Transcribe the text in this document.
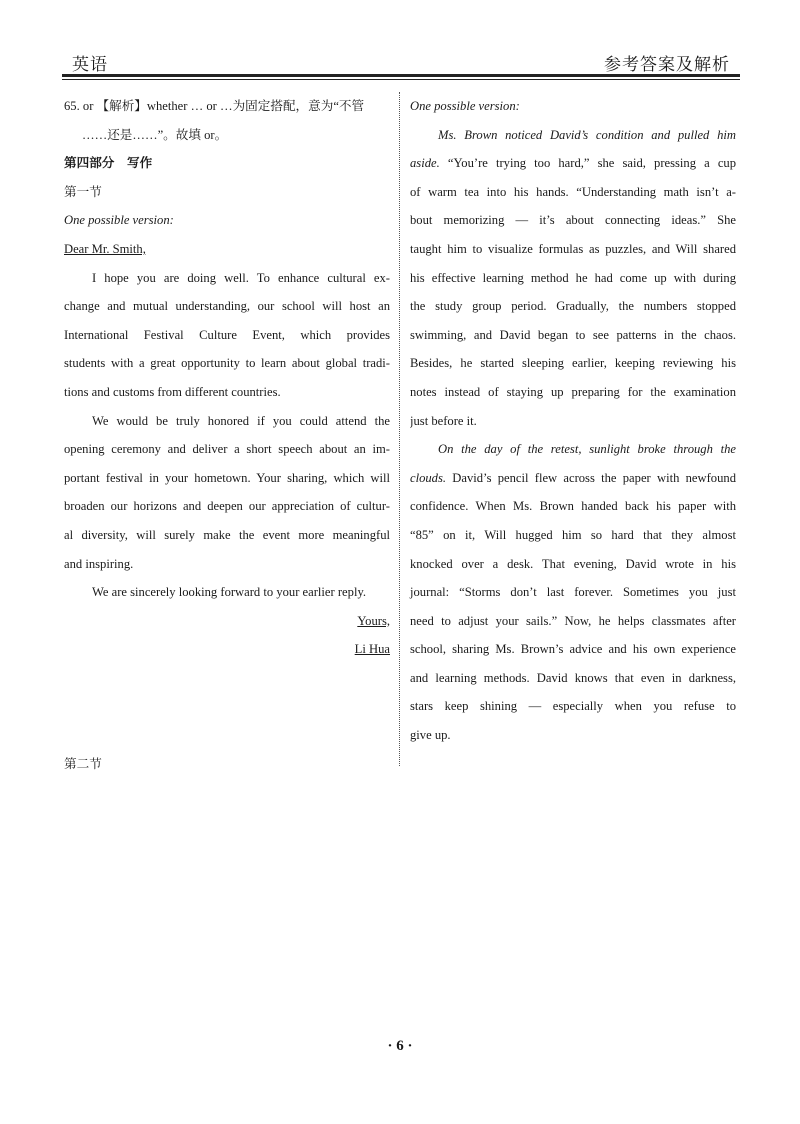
英语	参考答案及解析
65. or 【解析】whether … or …为固定搭配，意为“不管
……还是……”。故填 or。
第四部分　写作
第一节
One possible version:
Dear Mr. Smith,
I hope you are doing well. To enhance cultural ex-
change and mutual understanding, our school will host an
International Festival Culture Event, which provides
students with a great opportunity to learn about global tradi-
tions and customs from different countries.
We would be truly honored if you could attend the
opening ceremony and deliver a short speech about an im-
portant festival in your hometown. Your sharing, which will
broaden our horizons and deepen our appreciation of cultur-
al diversity, will surely make the event more meaningful
and inspiring.
We are sincerely looking forward to your earlier reply.
Yours,
Li Hua
第二节
One possible version:
Ms. Brown noticed David’s condition and pulled him
aside. “You’re trying too hard,” she said, pressing a cup
of warm tea into his hands. “Understanding math isn’t a-
bout memorizing — it’s about connecting ideas.” She
taught him to visualize formulas as puzzles, and Will shared
his effective learning method he had come up with during
the study group period. Gradually, the numbers stopped
swimming, and David began to see patterns in the chaos.
Besides, he started sleeping earlier, keeping reviewing his
notes instead of staying up preparing for the examination
just before it.
On the day of the retest, sunlight broke through the
clouds. David’s pencil flew across the paper with newfound
confidence. When Ms. Brown handed back his paper with
“85” on it, Will hugged him so hard that they almost
knocked over a desk. That evening, David wrote in his
journal: “Storms don’t last forever. Sometimes you just
need to adjust your sails.” Now, he helps classmates after
school, sharing Ms. Brown’s advice and his own experience
and learning methods. David knows that even in darkness,
stars keep shining — especially when you refuse to
give up.
· 6 ·
